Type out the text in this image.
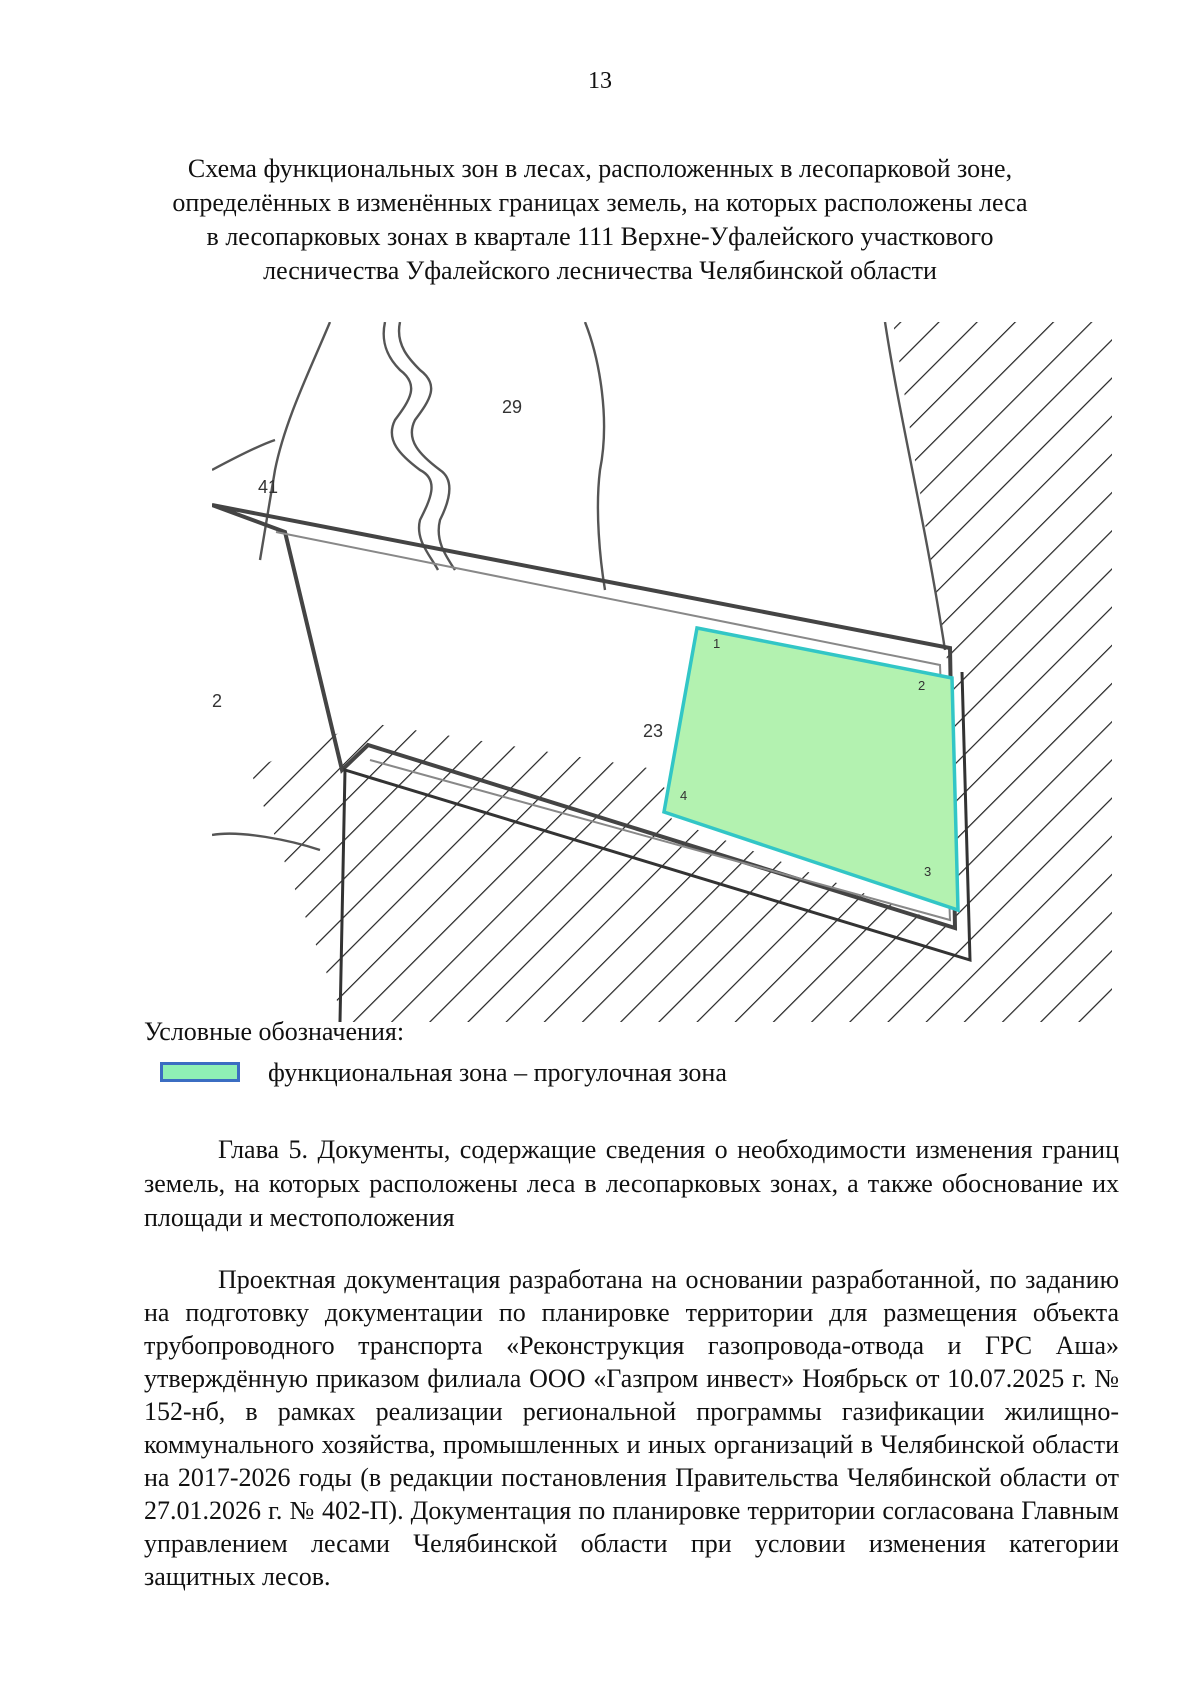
13
Схема функциональных зон в лесах, расположенных в лесопарковой зоне,
определённых в изменённых границах земель, на которых расположены леса
в лесопарковых зонах в квартале 111 Верхне-Уфалейского участкового
лесничества Уфалейского лесничества Челябинской области
29
41
23
2
1
2
3
4
Условные обозначения:
функциональная зона – прогулочная зона

Глава 5. Документы, содержащие сведения о необходимости изменения границ земель, на которых расположены леса в лесопарковых зонах, а также обоснование их площади и местоположения

Проектная документация разработана на основании разработанной, по заданию на подготовку документации по планировке территории для размещения объекта трубопроводного транспорта «Реконструкция газопровода-отвода и ГРС Аша» утверждённую приказом филиала ООО «Газпром инвест» Ноябрьск от 10.07.2025 г. № 152-нб, в рамках реализации региональной программы газификации жилищно-коммунального хозяйства, промышленных и иных организаций в Челябинской области на 2017-2026 годы (в редакции постановления Правительства Челябинской области от 27.01.2026 г. № 402-П). Документация по планировке территории согласована Главным управлением лесами Челябинской области при условии изменения категории защитных лесов.
